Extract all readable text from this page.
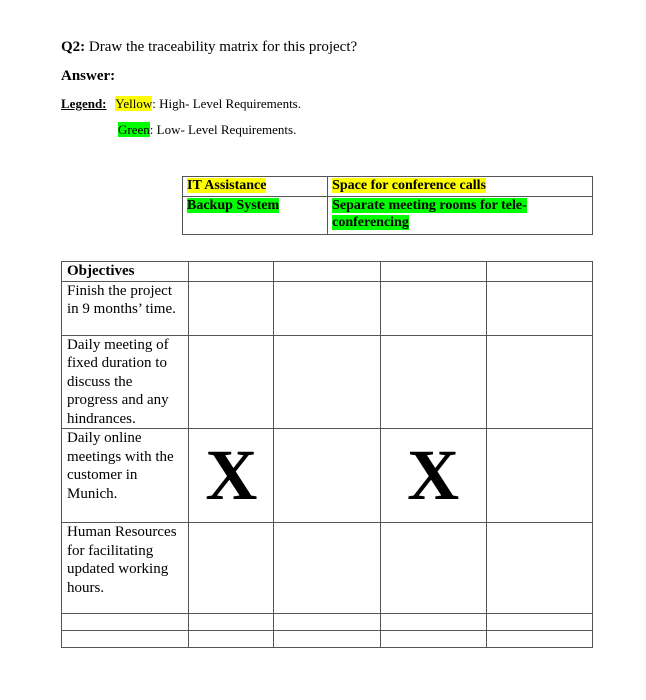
Q2: Draw the traceability matrix for this project?
Answer:
Legend: Yellow: High- Level Requirements.
Green: Low- Level Requirements.
IT Assistance	Space for conference calls
Backup System	Separate meeting rooms for tele-conferencing
Objectives				
Finish the project in 9 months’ time.				
Daily meeting of fixed duration to discuss the progress and any hindrances.				
Daily online meetings with the customer in Munich.	X		X	
Human Resources for facilitating updated working hours.				
